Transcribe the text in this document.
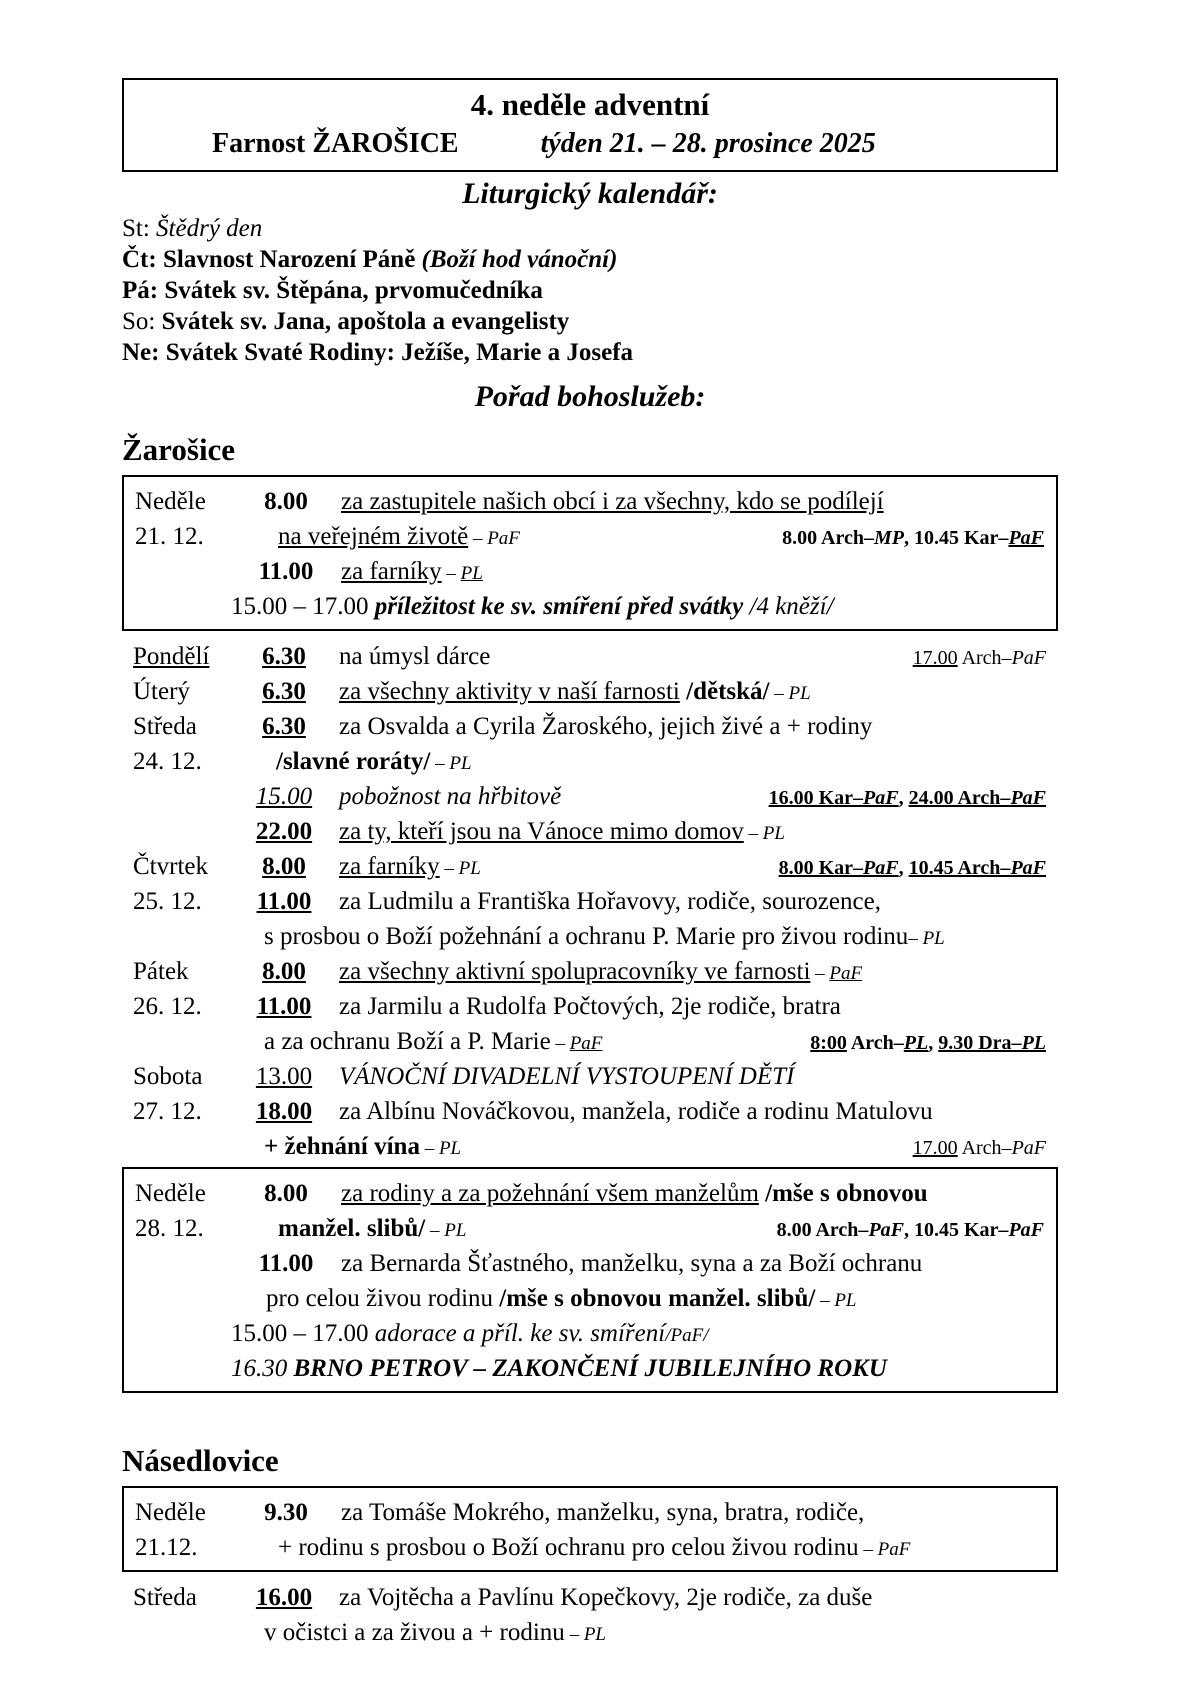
4. neděle adventní
Farnost ŽAROŠICE	týden 21. – 28. prosince 2025
Liturgický kalendář:
St: Štědrý den
Čt: Slavnost Narození Páně (Boží hod vánoční)
Pá: Svátek sv. Štěpána, prvomučedníka
So: Svátek sv. Jana, apoštola a evangelisty
Ne: Svátek Svaté Rodiny: Ježíše, Marie a Josefa
Pořad bohoslužeb:
Žarošice
Neděle	8.00	za zastupitele našich obcí i za všechny, kdo se podílejí
21. 12.	na veřejném životě – PaF	8.00 Arch–MP, 10.45 Kar–PaF
11.00	za farníky – PL
15.00 – 17.00 příležitost ke sv. smíření před svátky /4 kněží/
Pondělí	6.30	na úmysl dárce	17.00 Arch–PaF
Úterý	6.30	za všechny aktivity v naší farnosti /dětská/ – PL
Středa	6.30	za Osvalda a Cyrila Žaroského, jejich živé a + rodiny
24. 12.	/slavné roráty/ – PL
15.00	pobožnost na hřbitově	16.00 Kar–PaF, 24.00 Arch–PaF
22.00	za ty, kteří jsou na Vánoce mimo domov – PL
Čtvrtek	8.00	za farníky – PL	8.00 Kar–PaF, 10.45 Arch–PaF
25. 12.	11.00	za Ludmilu a Františka Hořavovy, rodiče, sourozence,
s prosbou o Boží požehnání a ochranu P. Marie pro živou rodinu– PL
Pátek	8.00	za všechny aktivní spolupracovníky ve farnosti – PaF
26. 12.	11.00	za Jarmilu a Rudolfa Počtových, 2je rodiče, bratra
a za ochranu Boží a P. Marie – PaF	8:00 Arch–PL, 9.30 Dra–PL
Sobota	13.00	VÁNOČNÍ DIVADELNÍ VYSTOUPENÍ DĚTÍ
27. 12.	18.00	za Albínu Nováčkovou, manžela, rodiče a rodinu Matulovu
+ žehnání vína – PL	17.00 Arch–PaF
Neděle	8.00	za rodiny a za požehnání všem manželům /mše s obnovou
28. 12.	manžel. slibů/ – PL	8.00 Arch–PaF, 10.45 Kar–PaF
11.00	za Bernarda Šťastného, manželku, syna a za Boží ochranu
pro celou živou rodinu /mše s obnovou manžel. slibů/ – PL
15.00 – 17.00 adorace a příl. ke sv. smíření/PaF/
16.30 BRNO PETROV – ZAKONČENÍ JUBILEJNÍHO ROKU
Násedlovice
Neděle	9.30	za Tomáše Mokrého, manželku, syna, bratra, rodiče,
21.12.	+ rodinu s prosbou o Boží ochranu pro celou živou rodinu – PaF
Středa	16.00	za Vojtěcha a Pavlínu Kopečkovy, 2je rodiče, za duše
v očistci a za živou a + rodinu – PL
